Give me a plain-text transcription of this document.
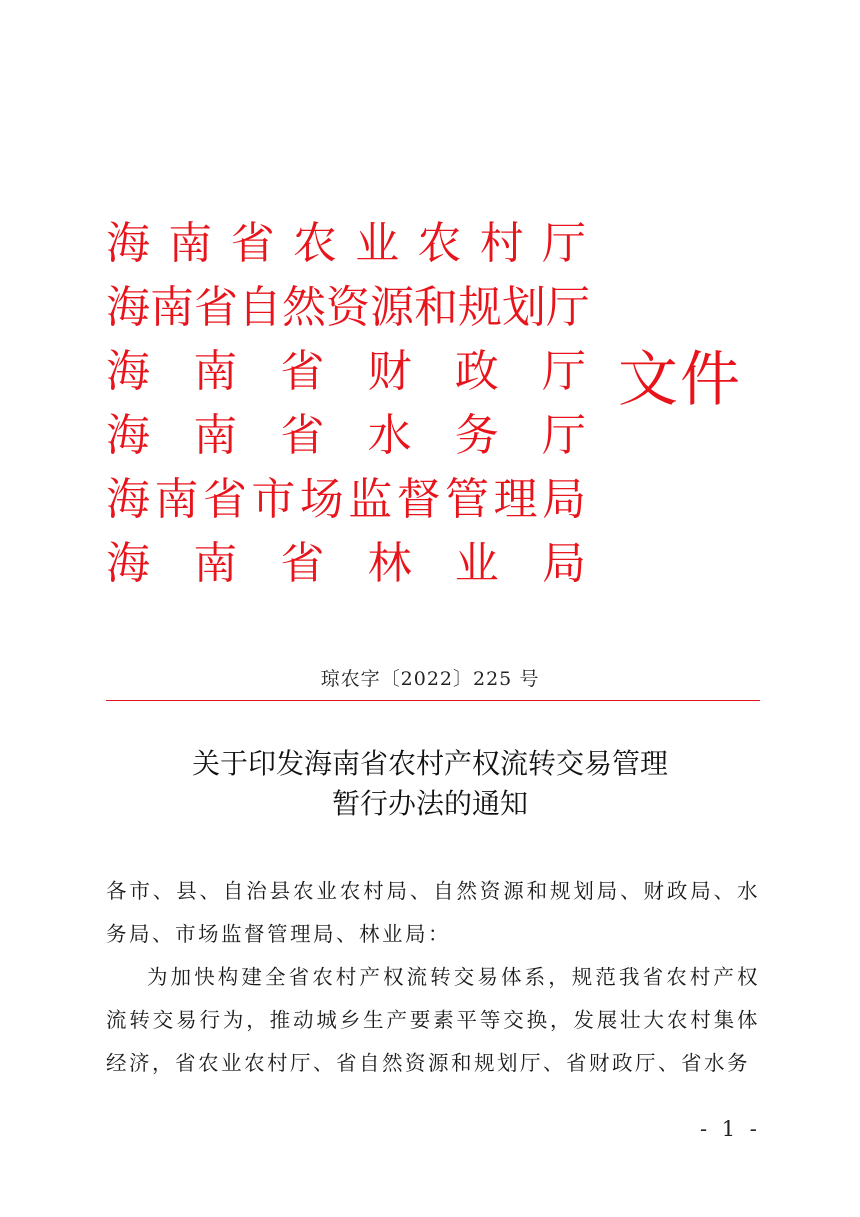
海 南 省 农 业 农 村 厅
海 南 省 自 然 资 源 和 规 划 厅
海 南 省 财 政 厅
海 南 省 水 务 厅
海 南 省 市 场 监 督 管 理 局
海 南 省 林 业 局
文件
琼农字〔2022〕225 号
关于印发海南省农村产权流转交易管理
暂行办法的通知

各市、县、自治县农业农村局、自然资源和规划局、财政局、水务局、市场监督管理局、林业局：

为加快构建全省农村产权流转交易体系，规范我省农村产权流转交易行为，推动城乡生产要素平等交换，发展壮大农村集体经济，省农业农村厅、省自然资源和规划厅、省财政厅、省水务

- 1 -
